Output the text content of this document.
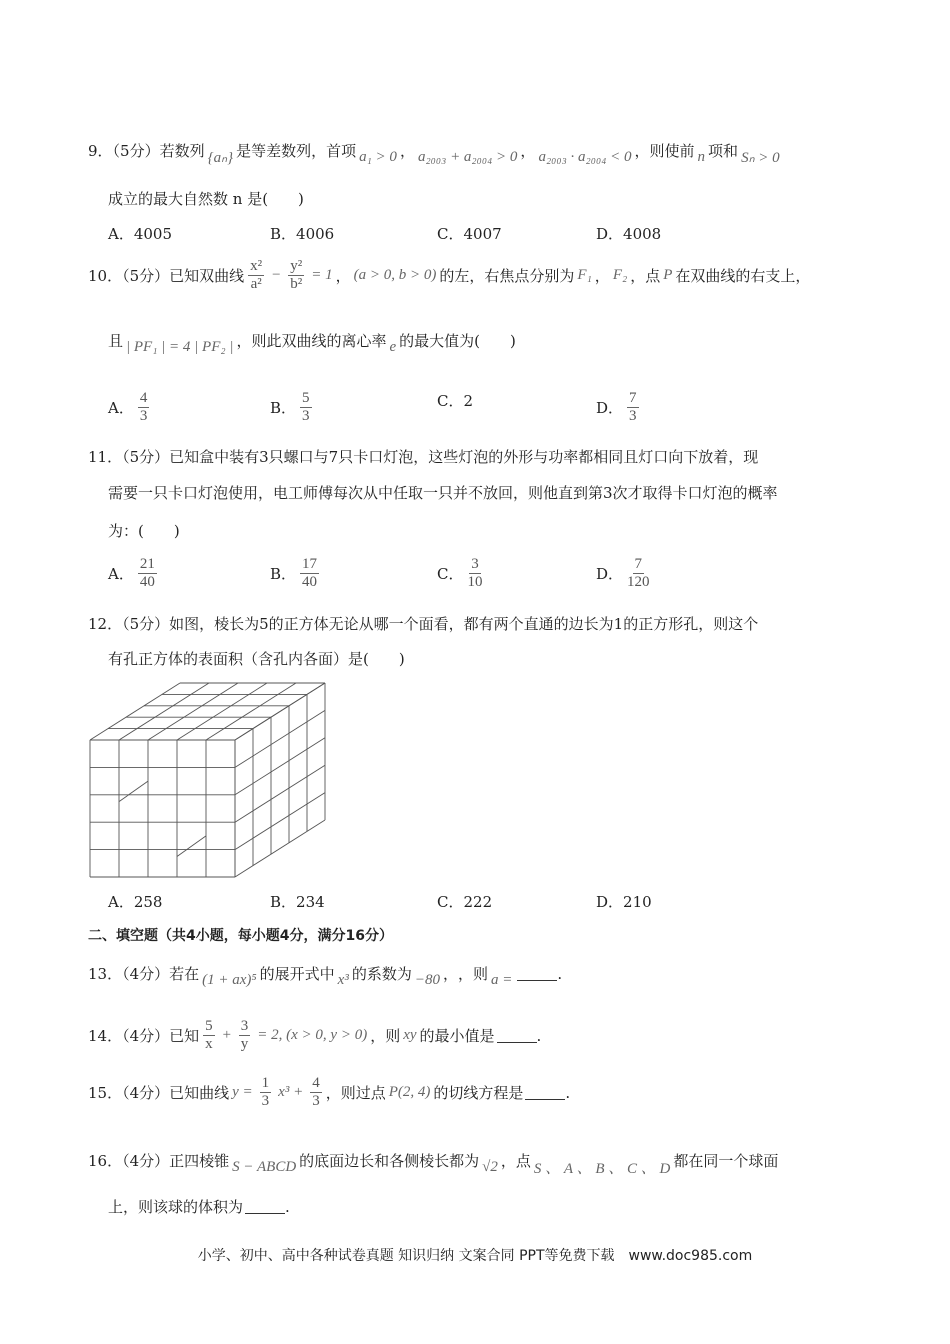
9．（5分）若数列 {aₙ} 是等差数列，首项 a₁ > 0 ， a₂₀₀₃ + a₂₀₀₄ > 0 ， a₂₀₀₃ · a₂₀₀₄ < 0 ，则使前 n 项和 Sₙ > 0
成立的最大自然数 n 是(　　)
A．4005	B．4006	C．4007	D．4008
10．（5分）已知双曲线 $\frac{\text{x²}}{\text{a²}} - \frac{\text{y²}}{\text{b²}} = 1$ ， (a > 0, b > 0) 的左，右焦点分别为 F₁ ， F₂ ，点 P 在双曲线的右支上，
且 | PF₁ | = 4 | PF₂ | ，则此双曲线的离心率 e 的最大值为(　　)
A． $\frac{4}{3}$	B． $\frac{5}{3}$	C．2	D． $\frac{7}{3}$
11．（5分）已知盒中装有3只螺口与7只卡口灯泡，这些灯泡的外形与功率都相同且灯口向下放着，现
需要一只卡口灯泡使用，电工师傅每次从中任取一只并不放回，则他直到第3次才取得卡口灯泡的概率
为：(　　)
A． $\frac{21}{40}$	B． $\frac{17}{40}$	C． $\frac{3}{10}$	D． $\frac{7}{120}$
12．（5分）如图，棱长为5的正方体无论从哪一个面看，都有两个直通的边长为1的正方形孔，则这个
有孔正方体的表面积（含孔内各面）是(　　)
A．258	B．234	C．222	D．210
二、填空题（共4小题，每小题4分，满分16分）
13．（4分）若在 (1 + ax)⁵ 的展开式中 x³ 的系数为 −80 ， ，则 a =	.
14．（4分）已知 $\frac{5}{x} + \frac{3}{y} = 2$, (x > 0, y > 0) ，则 xy 的最小值是	.
15．（4分）已知曲线 $y = \frac{1}{3} x^3 + \frac{4}{3}$ ，则过点 P(2, 4) 的切线方程是	.
16．（4分）正四棱锥 S − ABCD 的底面边长和各侧棱长都为 √2 ，点 S 、 A 、 B 、 C 、 D 都在同一个球面
上，则该球的体积为	.
小学、初中、高中各种试卷真题 知识归纳 文案合同 PPT等免费下载　www.doc985.com
